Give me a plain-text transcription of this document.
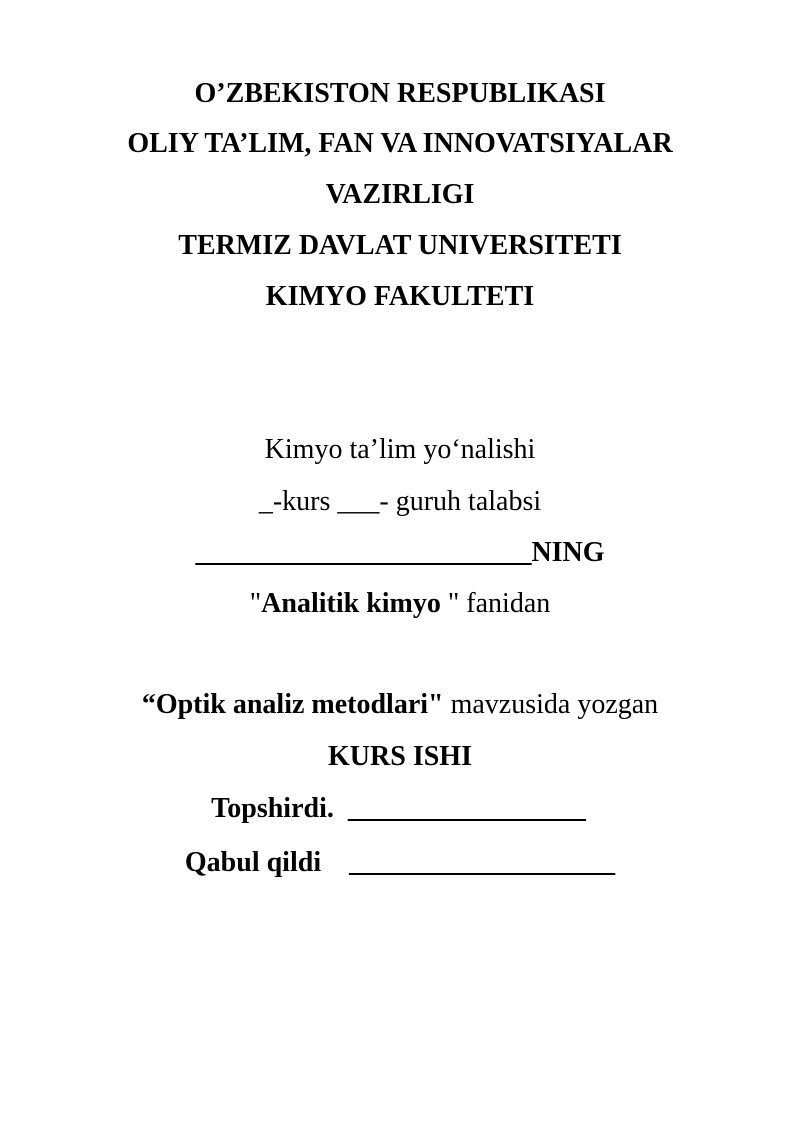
O’ZBEKISTON RESPUBLIKASI
OLIY TA’LIM, FAN VA INNOVATSIYALAR
VAZIRLIGI
TERMIZ DAVLAT UNIVERSITETI
KIMYO FAKULTETI
Kimyo ta’lim yo‘nalishi
_-kurs ___- guruh talabsi
________________________NING
"Analitik kimyo " fanidan
“Optik analiz metodlari" mavzusida yozgan
KURS ISHI
Topshirdi. _________________
Qabul qildi ___________________
